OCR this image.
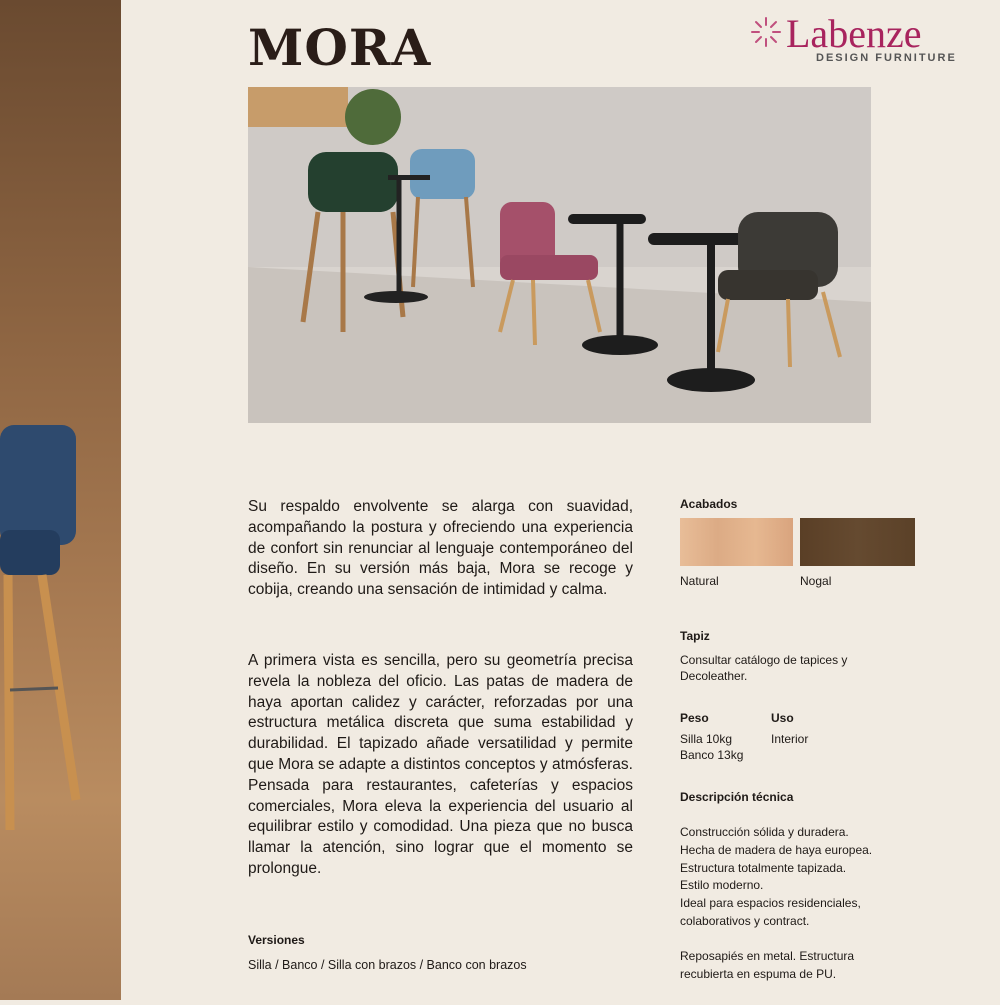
MORA	Labenze
DESIGN FURNITURE

Su respaldo envolvente se alarga con suavidad, acompañando la postura y ofreciendo una experiencia de confort sin renunciar al lenguaje contemporáneo del diseño. En su versión más baja, Mora se recoge y cobija, creando una sensación de intimidad y calma.

A primera vista es sencilla, pero su geometría precisa revela la nobleza del oficio. Las patas de madera de haya aportan calidez y carácter, reforzadas por una estructura metálica discreta que suma estabilidad y durabilidad. El tapizado añade versatilidad y permite que Mora se adapte a distintos conceptos y atmósferas. Pensada para restaurantes, cafeterías y espacios comerciales, Mora eleva la experiencia del usuario al equilibrar estilo y comodidad. Una pieza que no busca llamar la atención, sino lograr que el momento se prolongue.

Versiones
Silla / Banco / Silla con brazos / Banco con brazos
Acabados
Natural	Nogal
Tapiz
Consultar catálogo de tapices y Decoleather.
Peso
Silla 10kg
Banco 13kg
Uso
Interior
Descripción técnica
Construcción sólida y duradera.
Hecha de madera de haya europea.
Estructura totalmente tapizada.
Estilo moderno.
Ideal para espacios residenciales,
colaborativos y contract.
Reposapiés en metal. Estructura
recubierta en espuma de PU.
